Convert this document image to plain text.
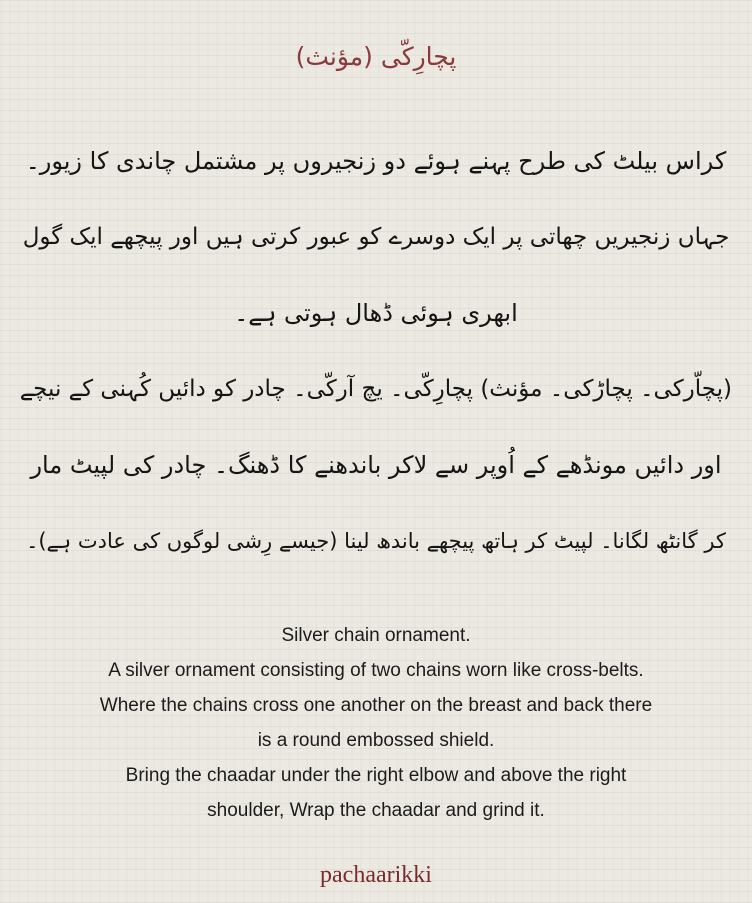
پچارِکّی (مؤنث)

کراس بیلٹ کی طرح پہنے ہوئے دو زنجیروں پر مشتمل چاندی کا زیور۔

جہاں زنجیریں چھاتی پر ایک دوسرے کو عبور کرتی ہیں اور پیچھے ایک گول

ابھری ہوئی ڈھال ہوتی ہے۔

(پچاّرکی۔ پچاڑکی۔ مؤنث) پچارِکّی۔ یچ آرکّی۔ چادر کو دائیں کُہنی کے نیچے

اور دائیں مونڈھے کے اُوپر سے لاکر باندھنے کا ڈھنگ۔ چادر کی لپیٹ مار

کر گانٹھ لگانا۔ لپیٹ کر ہاتھ پیچھے باندھ لینا (جیسے رِشی لوگوں کی عادت ہے)۔

Silver chain ornament.

A silver ornament consisting of two chains worn like cross-belts.

Where the chains cross one another on the breast and back there

is a round embossed shield.

Bring the chaadar under the right elbow and above the right

shoulder, Wrap the chaadar and grind it.

pachaarikki
